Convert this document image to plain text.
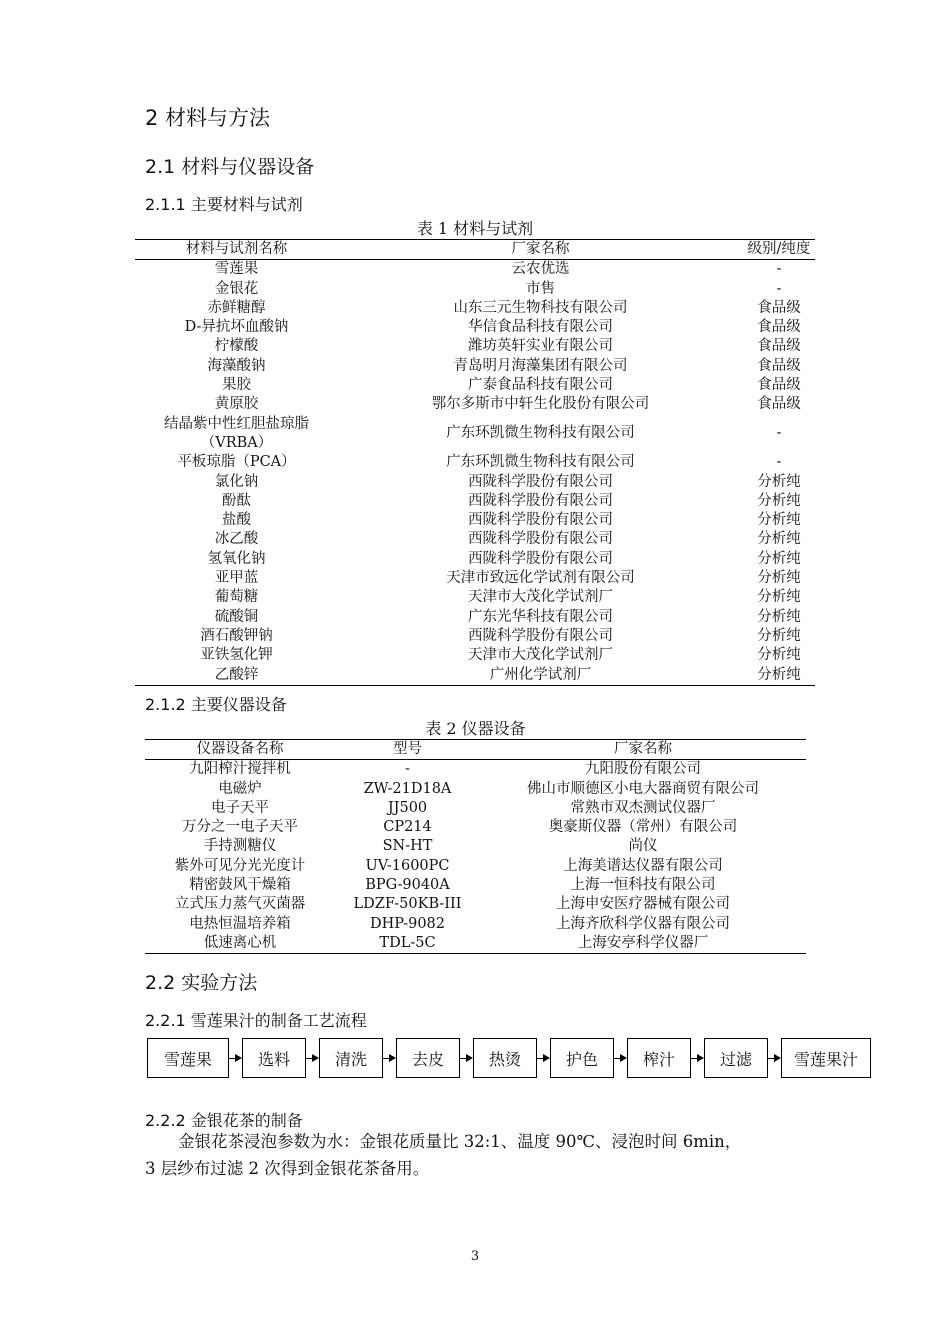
2 材料与方法
2.1 材料与仪器设备
2.1.1 主要材料与试剂
表 1 材料与试剂
材料与试剂名称	厂家名称	级别/纯度
雪莲果	云农优选	-
金银花	市售	-
赤鲜糖醇	山东三元生物科技有限公司	食品级
D-异抗坏血酸钠	华信食品科技有限公司	食品级
柠檬酸	潍坊英轩实业有限公司	食品级
海藻酸钠	青岛明月海藻集团有限公司	食品级
果胶	广泰食品科技有限公司	食品级
黄原胶	鄂尔多斯市中轩生化股份有限公司	食品级
结晶紫中性红胆盐琼脂（VRBA）	广东环凯微生物科技有限公司	-
平板琼脂（PCA）	广东环凯微生物科技有限公司	-
氯化钠	西陇科学股份有限公司	分析纯
酚酞	西陇科学股份有限公司	分析纯
盐酸	西陇科学股份有限公司	分析纯
冰乙酸	西陇科学股份有限公司	分析纯
氢氧化钠	西陇科学股份有限公司	分析纯
亚甲蓝	天津市致远化学试剂有限公司	分析纯
葡萄糖	天津市大茂化学试剂厂	分析纯
硫酸铜	广东光华科技有限公司	分析纯
酒石酸钾钠	西陇科学股份有限公司	分析纯
亚铁氢化钾	天津市大茂化学试剂厂	分析纯
乙酸锌	广州化学试剂厂	分析纯
2.1.2 主要仪器设备
表 2 仪器设备
仪器设备名称	型号	厂家名称
九阳榨汁搅拌机	-	九阳股份有限公司
电磁炉	ZW-21D18A	佛山市顺德区小电大器商贸有限公司
电子天平	JJ500	常熟市双杰测试仪器厂
万分之一电子天平	CP214	奥豪斯仪器（常州）有限公司
手持测糖仪	SN-HT	尚仪
紫外可见分光光度计	UV-1600PC	上海美谱达仪器有限公司
精密鼓风干燥箱	BPG-9040A	上海一恒科技有限公司
立式压力蒸气灭菌器	LDZF-50KB-III	上海申安医疗器械有限公司
电热恒温培养箱	DHP-9082	上海齐欣科学仪器有限公司
低速离心机	TDL-5C	上海安亭科学仪器厂
2.2 实验方法
2.2.1 雪莲果汁的制备工艺流程
雪莲果	选料	清洗	去皮	热烫	护色	榨汁	过滤	雪莲果汁
2.2.2 金银花茶的制备
金银花茶浸泡参数为水：金银花质量比 32:1、温度 90℃、浸泡时间 6min，
3 层纱布过滤 2 次得到金银花茶备用。
3
